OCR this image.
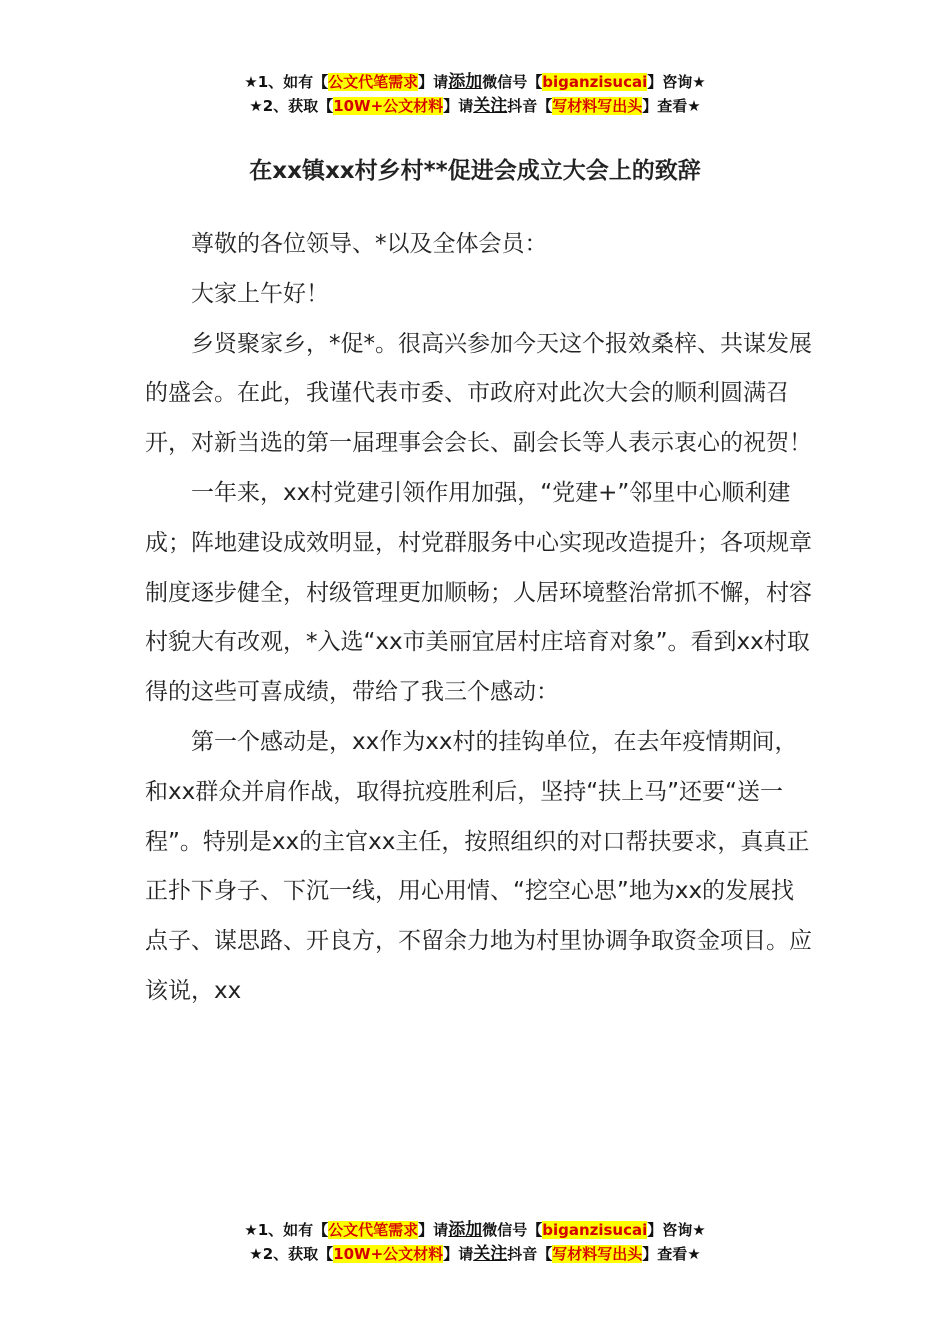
★1、如有【公文代笔需求】请添加微信号【biganzisucai】咨询★
★2、获取【10W+公文材料】请关注抖音【写材料写出头】查看★
在xx镇xx村乡村**促进会成立大会上的致辞

尊敬的各位领导、*以及全体会员：

大家上午好！

乡贤聚家乡，*促*。很高兴参加今天这个报效桑梓、共谋发展的盛会。在此，我谨代表市委、市政府对此次大会的顺利圆满召开，对新当选的第一届理事会会长、副会长等人表示衷心的祝贺！

一年来，xx村党建引领作用加强，“党建+”邻里中心顺利建成；阵地建设成效明显，村党群服务中心实现改造提升；各项规章制度逐步健全，村级管理更加顺畅；人居环境整治常抓不懈，村容村貌大有改观，*入选“xx市美丽宜居村庄培育对象”。看到xx村取得的这些可喜成绩，带给了我三个感动：

第一个感动是，xx作为xx村的挂钩单位，在去年疫情期间，和xx群众并肩作战，取得抗疫胜利后，坚持“扶上马”还要“送一程”。特别是xx的主官xx主任，按照组织的对口帮扶要求，真真正正扑下身子、下沉一线，用心用情、“挖空心思”地为xx的发展找点子、谋思路、开良方，不留余力地为村里协调争取资金项目。应该说，xx

★1、如有【公文代笔需求】请添加微信号【biganzisucai】咨询★
★2、获取【10W+公文材料】请关注抖音【写材料写出头】查看★
